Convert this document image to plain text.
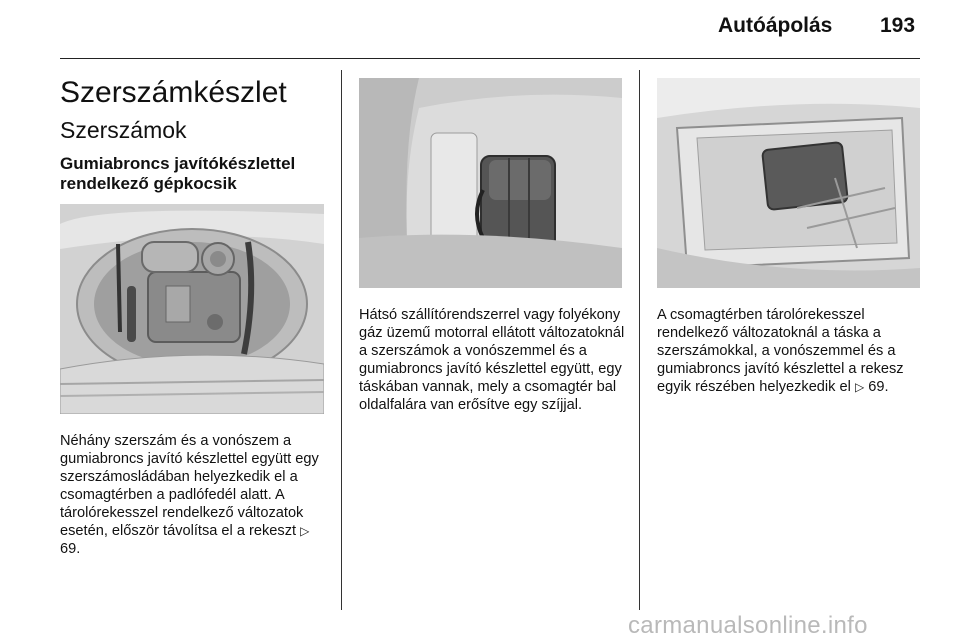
Autóápolás 193
Szerszámkészlet
Szerszámok
Gumiabroncs javítókészlettel rendelkező gépkocsik

Néhány szerszám és a vonószem a gumiabroncs javító készlettel együtt egy szerszámosládában helyezkedik el a csomagtérben a padlófedél alatt. A tárolórekesszel rendelkező változatok esetén, először távolítsa el a rekeszt ▷ 69.

Hátsó szállítórendszerrel vagy folyékony gáz üzemű motorral ellátott változatoknál a szerszámok a vonószemmel és a gumiabroncs javító készlettel együtt, egy táskában vannak, mely a csomagtér bal oldalfalára van erősítve egy szíjjal.

A csomagtérben tárolórekesszel rendelkező változatoknál a táska a szerszámokkal, a vonószemmel és a gumiabroncs javító készlettel a rekesz egyik részében helyezkedik el ▷ 69.

carmanualsonline.info
